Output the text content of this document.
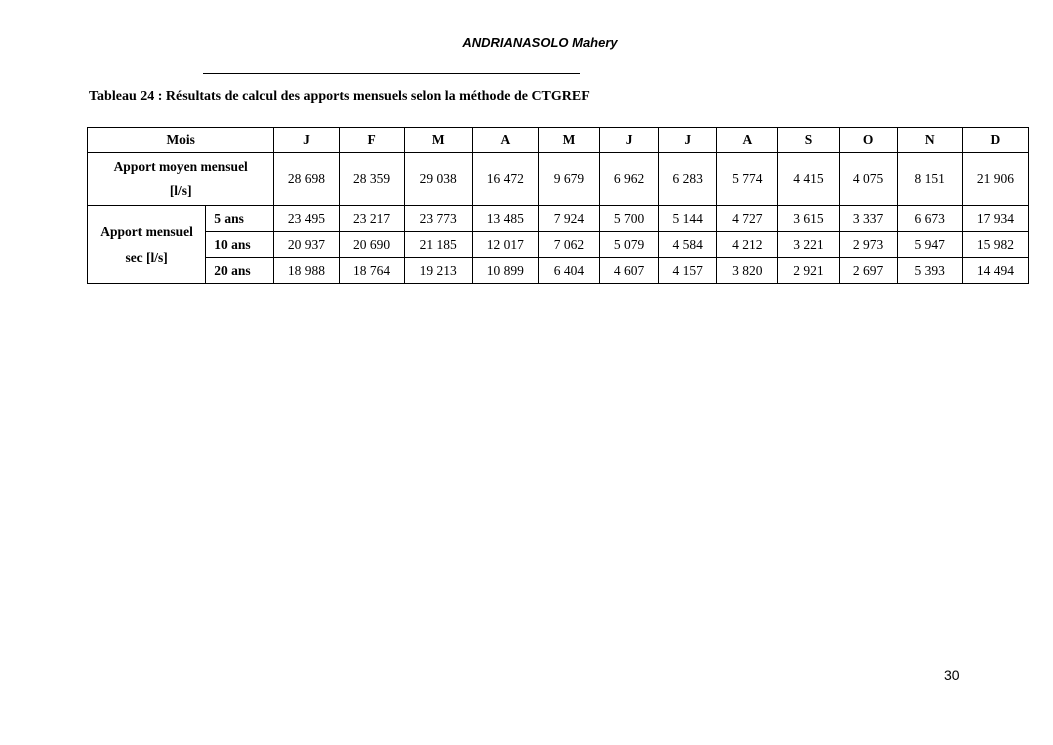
ANDRIANASOLO Mahery
Tableau 24 : Résultats de calcul des apports mensuels selon la méthode de CTGREF
Mois		J	F	M	A	M	J	J	A	S	O	N	D

Apport moyen mensuel
[l/s]		28 698	28 359	29 038	16 472	9 679	6 962	6 283	5 774	4 415	4 075	8 151	21 906

Apport mensuel
sec [l/s]	5 ans	23 495	23 217	23 773	13 485	7 924	5 700	5 144	4 727	3 615	3 337	6 673	17 934
	10 ans	20 937	20 690	21 185	12 017	7 062	5 079	4 584	4 212	3 221	2 973	5 947	15 982
	20 ans	18 988	18 764	19 213	10 899	6 404	4 607	4 157	3 820	2 921	2 697	5 393	14 494
30
